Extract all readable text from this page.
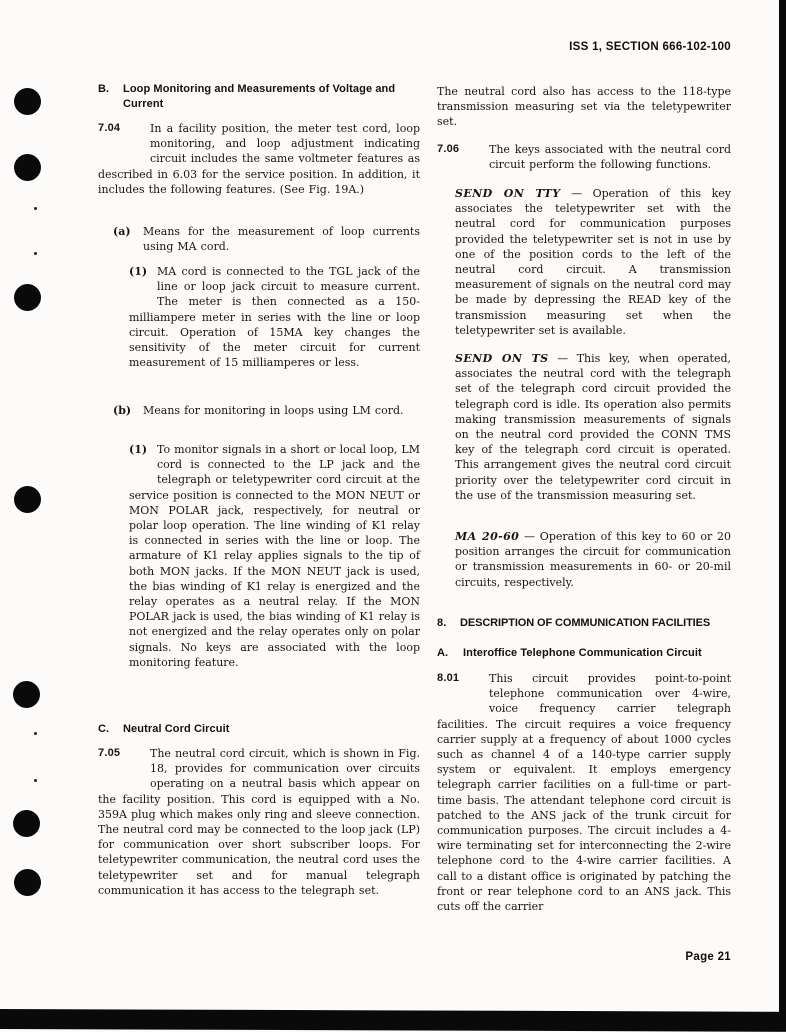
ISS 1, SECTION 666-102-100
B.	Loop Monitoring and Measurements of Voltage and Current
7.04	In a facility position, the meter test cord, loop monitoring, and loop adjustment indicating circuit includes the same voltmeter features as described in 6.03 for the service position. In addition, it includes the following features. (See Fig. 19A.)
(a)	Means for the measurement of loop currents using MA cord.
(1) MA cord is connected to the TGL jack of the line or loop jack circuit to measure current. The meter is then connected as a 150-milliampere meter in series with the line or loop circuit. Operation of 15MA key changes the sensitivity of the meter circuit for current measurement of 15 milliamperes or less.
(b)	Means for monitoring in loops using LM cord.
(1) To monitor signals in a short or local loop, LM cord is connected to the LP jack and the telegraph or teletypewriter cord circuit at the service position is connected to the MON NEUT or MON POLAR jack, respectively, for neutral or polar loop operation. The line winding of K1 relay is connected in series with the line or loop. The armature of K1 relay applies signals to the tip of both MON jacks. If the MON NEUT jack is used, the bias winding of K1 relay is energized and the relay operates as a neutral relay. If the MON POLAR jack is used, the bias winding of K1 relay is not energized and the relay operates only on polar signals. No keys are associated with the loop monitoring feature.
C.	Neutral Cord Circuit
7.05	The neutral cord circuit, which is shown in Fig. 18, provides for communication over circuits operating on a neutral basis which appear on the facility position. This cord is equipped with a No. 359A plug which makes only ring and sleeve connection. The neutral cord may be connected to the loop jack (LP) for communication over short subscriber loops. For teletypewriter communication, the neutral cord uses the teletypewriter set and for manual telegraph communication it has access to the telegraph set.
The neutral cord also has access to the 118-type transmission measuring set via the teletypewriter set.
7.06	The keys associated with the neutral cord circuit perform the following functions.
SEND ON TTY — Operation of this key associates the teletypewriter set with the neutral cord for communication purposes provided the teletypewriter set is not in use by one of the position cords to the left of the neutral cord circuit. A transmission measurement of signals on the neutral cord may be made by depressing the READ key of the transmission measuring set when the teletypewriter set is available.
SEND ON TS — This key, when operated, associates the neutral cord with the telegraph set of the telegraph cord circuit provided the telegraph cord is idle. Its operation also permits making transmission measurements of signals on the neutral cord provided the CONN TMS key of the telegraph cord circuit is operated. This arrangement gives the neutral cord circuit priority over the teletypewriter cord circuit in the use of the transmission measuring set.
MA 20-60 — Operation of this key to 60 or 20 position arranges the circuit for communication or transmission measurements in 60- or 20-mil circuits, respectively.
8.	DESCRIPTION OF COMMUNICATION FACILITIES
A.	Interoffice Telephone Communication Circuit
8.01	This circuit provides point-to-point telephone communication over 4-wire, voice frequency carrier telegraph facilities. The circuit requires a voice frequency carrier supply at a frequency of about 1000 cycles such as channel 4 of a 140-type carrier supply system or equivalent. It employs emergency telegraph carrier facilities on a full-time or part-time basis. The attendant telephone cord circuit is patched to the ANS jack of the trunk circuit for communication purposes. The circuit includes a 4-wire terminating set for interconnecting the 2-wire telephone cord to the 4-wire carrier facilities. A call to a distant office is originated by patching the front or rear telephone cord to an ANS jack. This cuts off the carrier
Page 21
